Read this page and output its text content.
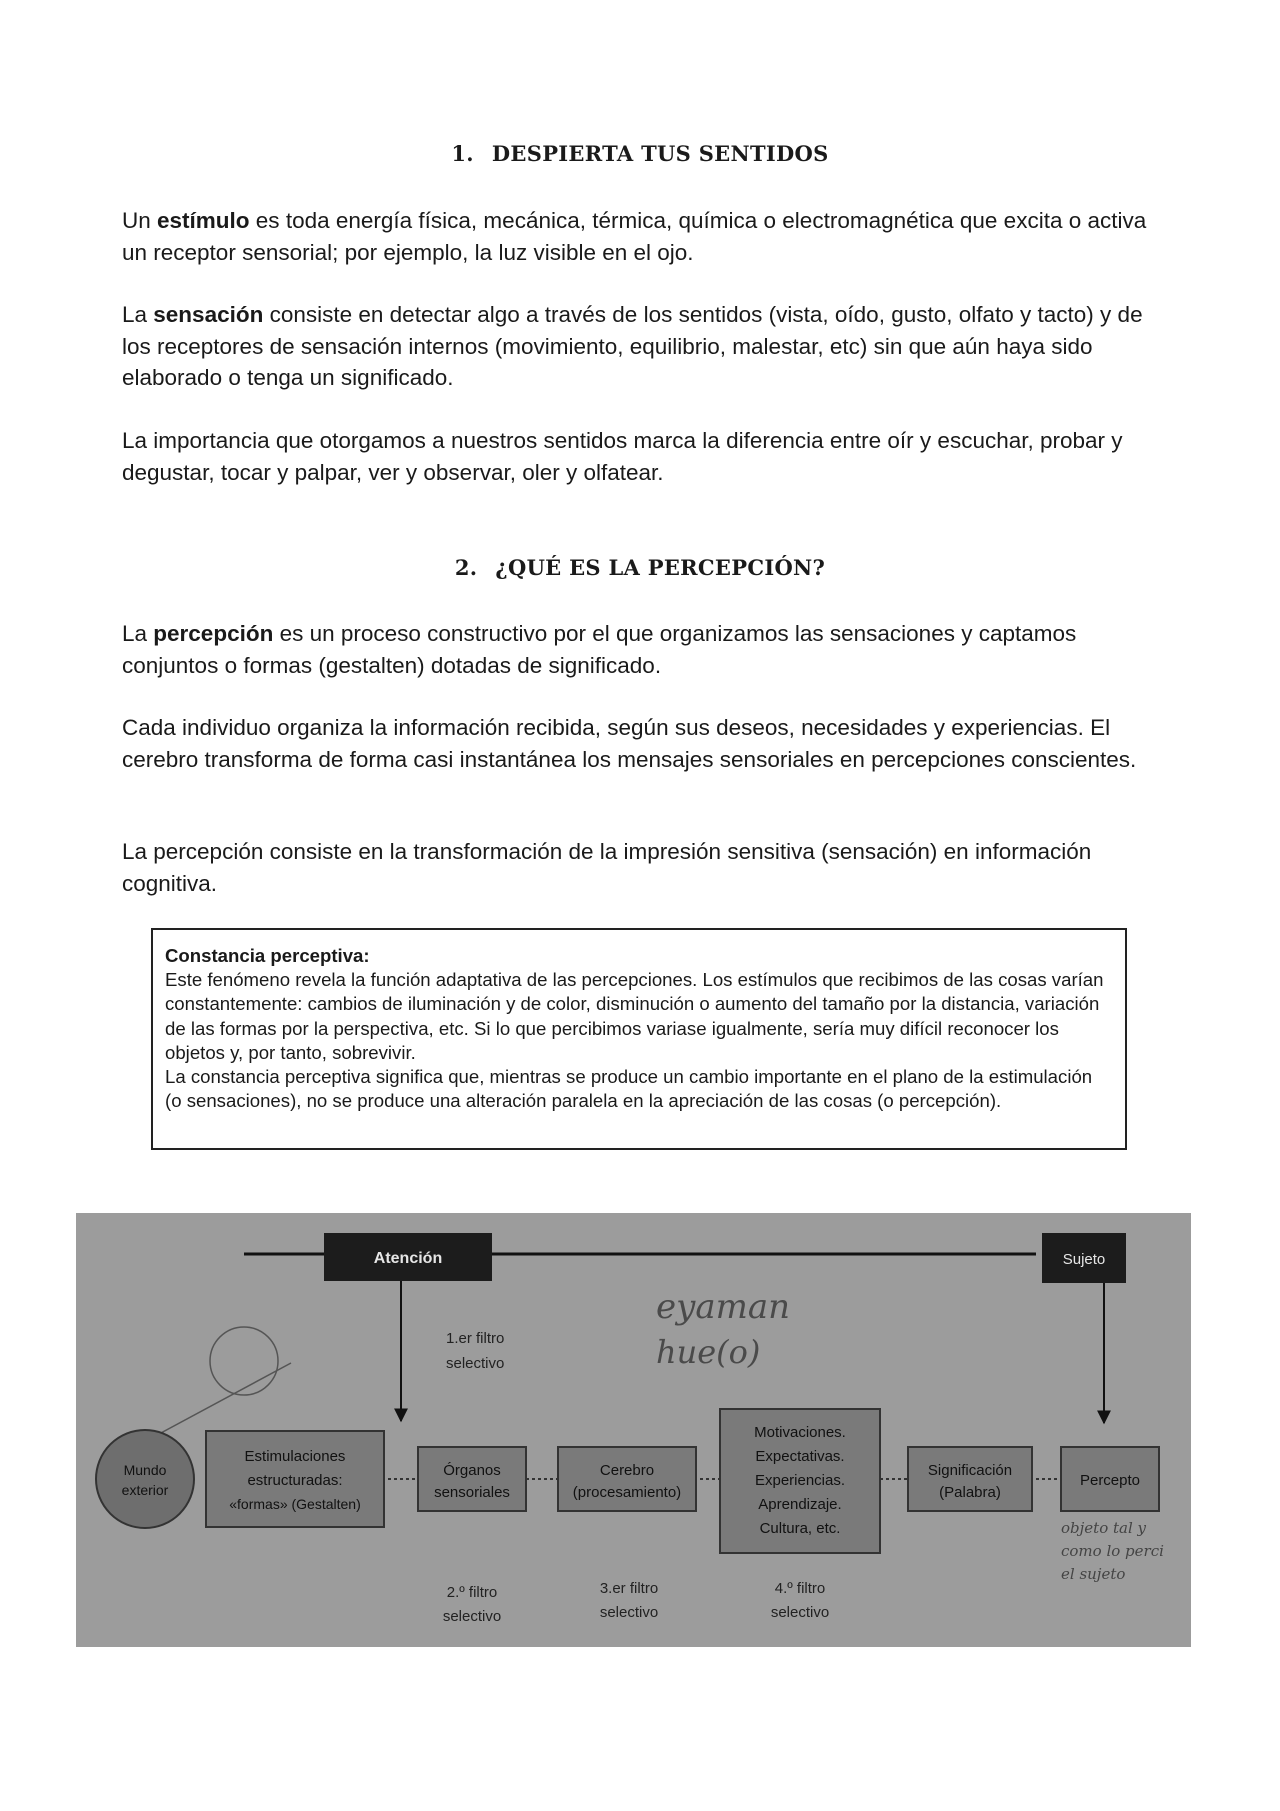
1. DESPIERTA TUS SENTIDOS
Un estímulo es toda energía física, mecánica, térmica, química o electromagnética que excita o activa un receptor sensorial; por ejemplo, la luz visible en el ojo.
La sensación consiste en detectar algo a través de los sentidos (vista, oído, gusto, olfato y tacto) y de los receptores de sensación internos (movimiento, equilibrio, malestar, etc) sin que aún haya sido elaborado o tenga un significado.
La importancia que otorgamos a nuestros sentidos marca la diferencia entre oír y escuchar, probar y degustar, tocar y palpar, ver y observar, oler y olfatear.
2. ¿QUÉ ES LA PERCEPCIÓN?
La percepción es un proceso constructivo por el que organizamos las sensaciones y captamos conjuntos o formas (gestalten) dotadas de significado.
Cada individuo organiza la información recibida, según sus deseos, necesidades y experiencias. El cerebro transforma de forma casi instantánea los mensajes sensoriales en percepciones conscientes.
La percepción consiste en la transformación de la impresión sensitiva (sensación) en información cognitiva.
Constancia perceptiva:
Este fenómeno revela la función adaptativa de las percepciones. Los estímulos que recibimos de las cosas varían constantemente: cambios de iluminación y de color, disminución o aumento del tamaño por la distancia, variación de las formas por la perspectiva, etc. Si lo que percibimos variase igualmente, sería muy difícil reconocer los objetos y, por tanto, sobrevivir.
La constancia perceptiva significa que, mientras se produce un cambio importante en el plano de la estimulación (o sensaciones), no se produce una alteración paralela en la apreciación de las cosas (o percepción).
Atención	Sujeto
1.er filtro
selectivo
eyaman
hue(o)
Mundo
exterior
Estimulaciones
estructuradas:
«formas» (Gestalten)
Órganos
sensoriales
Cerebro
(procesamiento)
Motivaciones.
Expectativas.
Experiencias.
Aprendizaje.
Cultura, etc.
Significación
(Palabra)
Percepto
objeto tal y
como lo perci
el sujeto
2.º filtro
selectivo
3.er filtro
selectivo
4.º filtro
selectivo
